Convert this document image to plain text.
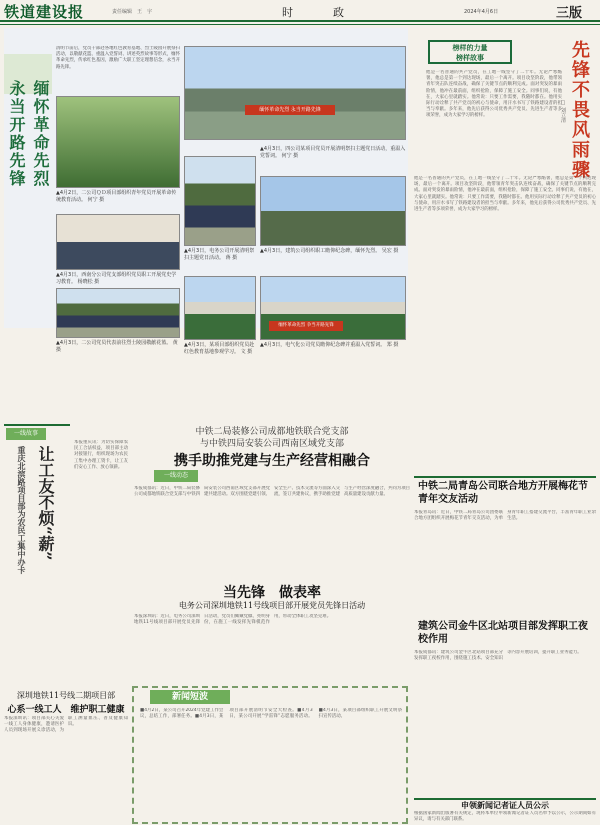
铁道建设报	责任编辑　王　宇	时　　政	2024年4月6日	三版
永当开路先锋 缅怀革命先烈
清明节前后，党员干部赴各地红色教育基地、烈士陵园开展祭扫活动，以敬献花篮、重温入党誓词、讲述英烈故事等形式，缅怀革命先烈，传承红色基因，激励广大职工坚定理想信念，永当开路先锋。
缅怀革命先烈 永当开路先锋
▲4月2日，二公司ＱＤ项目部组织青年党员开展革命传统教育活动。 何宁 摄
▲4月3日，四公司某项目党员开展清明祭扫主题党日活动，重温入党誓词。 何宁 摄
▲4月3日，西南分公司党支部组织党员职工开展党史学习教育。 杨晓松 摄
▲4月3日，电务公司开展清明祭扫主题党日活动。 蒋 摄
▲4月3日，建筑公司组织职工瞻仰纪念碑，缅怀先烈。 吴宏 摄
▲4月3日，二公司党员代表前往烈士陵园敬献花篮。 黄 摄
缅怀革命先烈 争当开路先锋
▲4月3日，某项目部组织党员赴红色教育基地参观学习。 文 摄
▲4月3日，电气化公司党员瞻仰纪念碑并重温入党誓词。 郑 摄
榜样的力量
榜样故事	先锋不畏风雨骤
□ 刘立清
他是一名普通的共产党员，在工地一线坚守了二十年。无论严寒酷暑，他总是第一个到达现场，最后一个离开。项目攻坚阶段，他带领青年突击队连续奋战，确保了关键节点的顺利完成。面对突发的暴雨险情，他冲在最前面，组织抢险，保障了施工安全。同事们说，有他在，大家心里就踏实。他常说：只要工作需要，我随时都在。他用实际行动诠释了共产党员的初心与使命，用汗水书写了铁路建设者的担当与奉献。多年来，他先后获得公司优秀共产党员、先进生产者等多项荣誉，成为大家学习的榜样。
他是一名普通的共产党员，在工地一线坚守了二十年。无论严寒酷暑，他总是第一个到达现场，最后一个离开。项目攻坚阶段，他带领青年突击队连续奋战，确保了关键节点的顺利完成。面对突发的暴雨险情，他冲在最前面，组织抢险，保障了施工安全。同事们说，有他在，大家心里就踏实。他常说：只要工作需要，我随时都在。他用实际行动诠释了共产党员的初心与使命，用汗水书写了铁路建设者的担当与奉献。多年来，他先后获得公司优秀共产党员、先进生产者等多项荣誉，成为大家学习的榜样。
一线故事
重庆北滨路项目部为农民工集中办卡 让工友不烦“薪”
本报重庆讯：为切实保障农民工合法权益，项目部主动对接银行，组织现场为农民工集中办理工资卡，让工友们安心工作、放心领薪。
中铁二局装修公司成都地铁联合党支部
与中铁四局安装公司西南区域党支部
携手助推党建与生产经营相融合
一线动态
本报成都讯：近日，中铁二局装修公司成都地铁联合党支部与中铁四局安装公司西南区域党支部开展党建共建活动。双方围绕党建引领、安全生产、技术交流等方面深入交流，签订共建协议，携手助推党建与生产经营深度融合，共同为项目高质量建设贡献力量。
当先锋　做表率
电务公司深圳地铁11号线项目部开展党员先锋日活动
本报深圳讯：近日，电务公司深圳地铁11号线项目部开展党员先锋日活动，党员们佩戴党徽、亮明身份，在施工一线发挥先锋模范作用，带动全体职工攻坚克难。
中铁二局青岛公司联合地方开展梅花节青年交友活动
本报青岛讯：近日，中铁二局青岛公司团委联合地方团组织开展梅花节青年交友活动，为单身青年职工搭建交流平台，丰富青年职工业余生活。
建筑公司金牛区北站项目部发挥职工夜校作用
本报成都讯：建筑公司金牛区北站项目部充分发挥职工夜校作用，围绕施工技术、安全知识等内容开展培训，提升职工业务能力。
深圳地铁11号线二期项目部
心系一线工人　维护职工健康
本报深圳讯：项目部关心关爱一线工人身体健康，邀请医护人员到现场开展义诊活动，为职工测量血压、普及健康知识。
新闻短波
■4月2日，某公司召开2024年党建工作会议，总结工作，部署任务。■4月3日，某项目部开展清明节安全大检查。■4月3日，某公司开展“学雷锋”志愿服务活动。■4月3日，某项目部组织职工开展文明祭扫宣传活动。
申领新闻记者证人员公示
根据国家新闻出版署有关规定，现将本单位申领新闻记者证人员名单予以公示，公示期间如有异议，请与有关部门联系。
